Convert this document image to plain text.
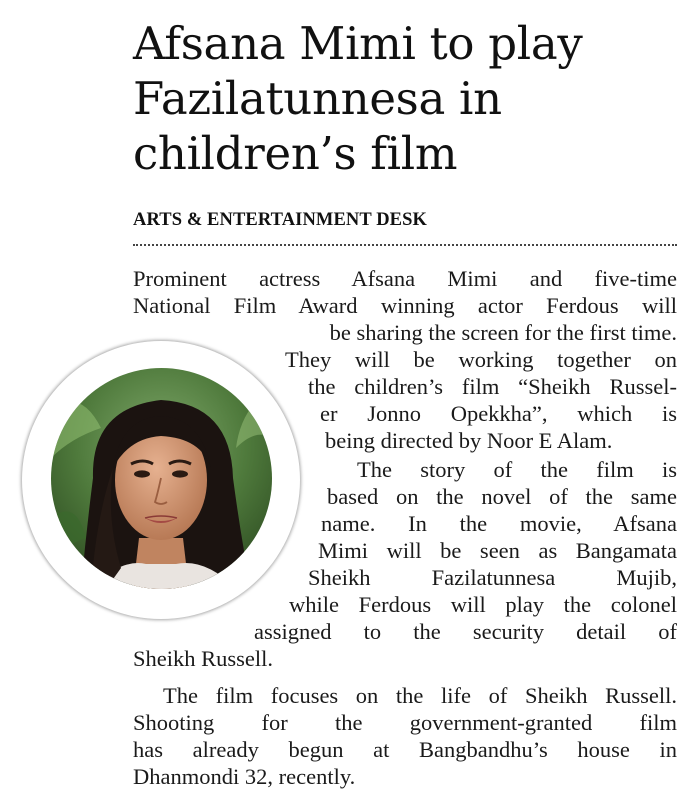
Afsana Mimi to play
Fazilatunnesa in
children’s film

ARTS & ENTERTAINMENT DESK

Prominent actress Afsana Mimi and five-time

National Film Award winning actor Ferdous will

be sharing the screen for the first time.

They will be working together on

the children’s film “Sheikh Russel-

er Jonno Opekkha”, which is

being directed by Noor E Alam.

The story of the film is

based on the novel of the same

name. In the movie, Afsana

Mimi will be seen as Bangamata

Sheikh Fazilatunnesa Mujib,

while Ferdous will play the colonel

assigned to the security detail of

Sheikh Russell.

The film focuses on the life of Sheikh Russell.

Shooting for the government-granted film

has already begun at Bangbandhu’s house in

Dhanmondi 32, recently.
